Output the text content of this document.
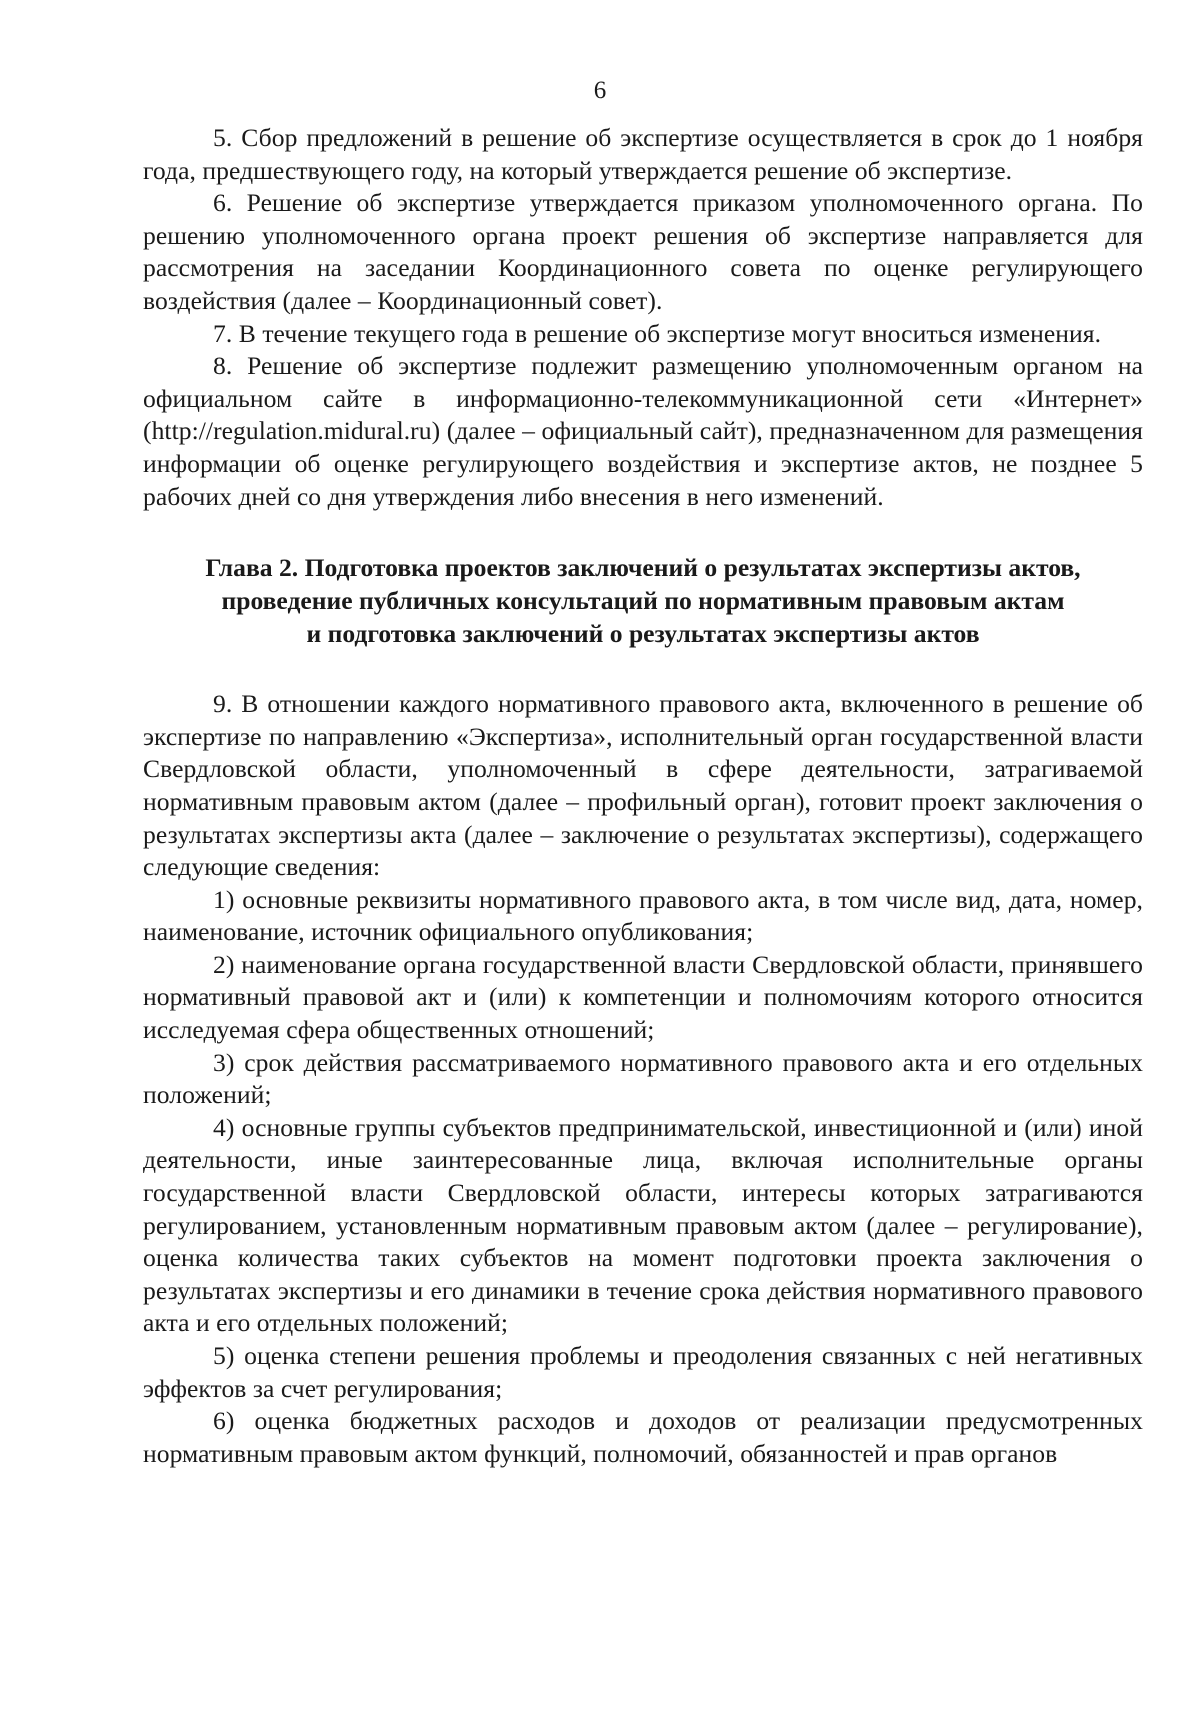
6

5. Сбор предложений в решение об экспертизе осуществляется в срок до 1 ноября года, предшествующего году, на который утверждается решение об экспертизе.

6. Решение об экспертизе утверждается приказом уполномоченного органа. По решению уполномоченного органа проект решения об экспертизе направляется для рассмотрения на заседании Координационного совета по оценке регулирующего воздействия (далее – Координационный совет).

7. В течение текущего года в решение об экспертизе могут вноситься изменения.

8. Решение об экспертизе подлежит размещению уполномоченным органом на официальном сайте в информационно-телекоммуникационной сети «Интернет» (http://regulation.midural.ru) (далее – официальный сайт), предназначенном для размещения информации об оценке регулирующего воздействия и экспертизе актов, не позднее 5 рабочих дней со дня утверждения либо внесения в него изменений.

Глава 2. Подготовка проектов заключений о результатах экспертизы актов,
проведение публичных консультаций по нормативным правовым актам
и подготовка заключений о результатах экспертизы актов

9. В отношении каждого нормативного правового акта, включенного в решение об экспертизе по направлению «Экспертиза», исполнительный орган государственной власти Свердловской области, уполномоченный в сфере деятельности, затрагиваемой нормативным правовым актом (далее – профильный орган), готовит проект заключения о результатах экспертизы акта (далее – заключение о результатах экспертизы), содержащего следующие сведения:

1) основные реквизиты нормативного правового акта, в том числе вид, дата, номер, наименование, источник официального опубликования;

2) наименование органа государственной власти Свердловской области, принявшего нормативный правовой акт и (или) к компетенции и полномочиям которого относится исследуемая сфера общественных отношений;

3) срок действия рассматриваемого нормативного правового акта и его отдельных положений;

4) основные группы субъектов предпринимательской, инвестиционной и (или) иной деятельности, иные заинтересованные лица, включая исполнительные органы государственной власти Свердловской области, интересы которых затрагиваются регулированием, установленным нормативным правовым актом (далее – регулирование), оценка количества таких субъектов на момент подготовки проекта заключения о результатах экспертизы и его динамики в течение срока действия нормативного правового акта и его отдельных положений;

5) оценка степени решения проблемы и преодоления связанных с ней негативных эффектов за счет регулирования;

6) оценка бюджетных расходов и доходов от реализации предусмотренных нормативным правовым актом функций, полномочий, обязанностей и прав органов
